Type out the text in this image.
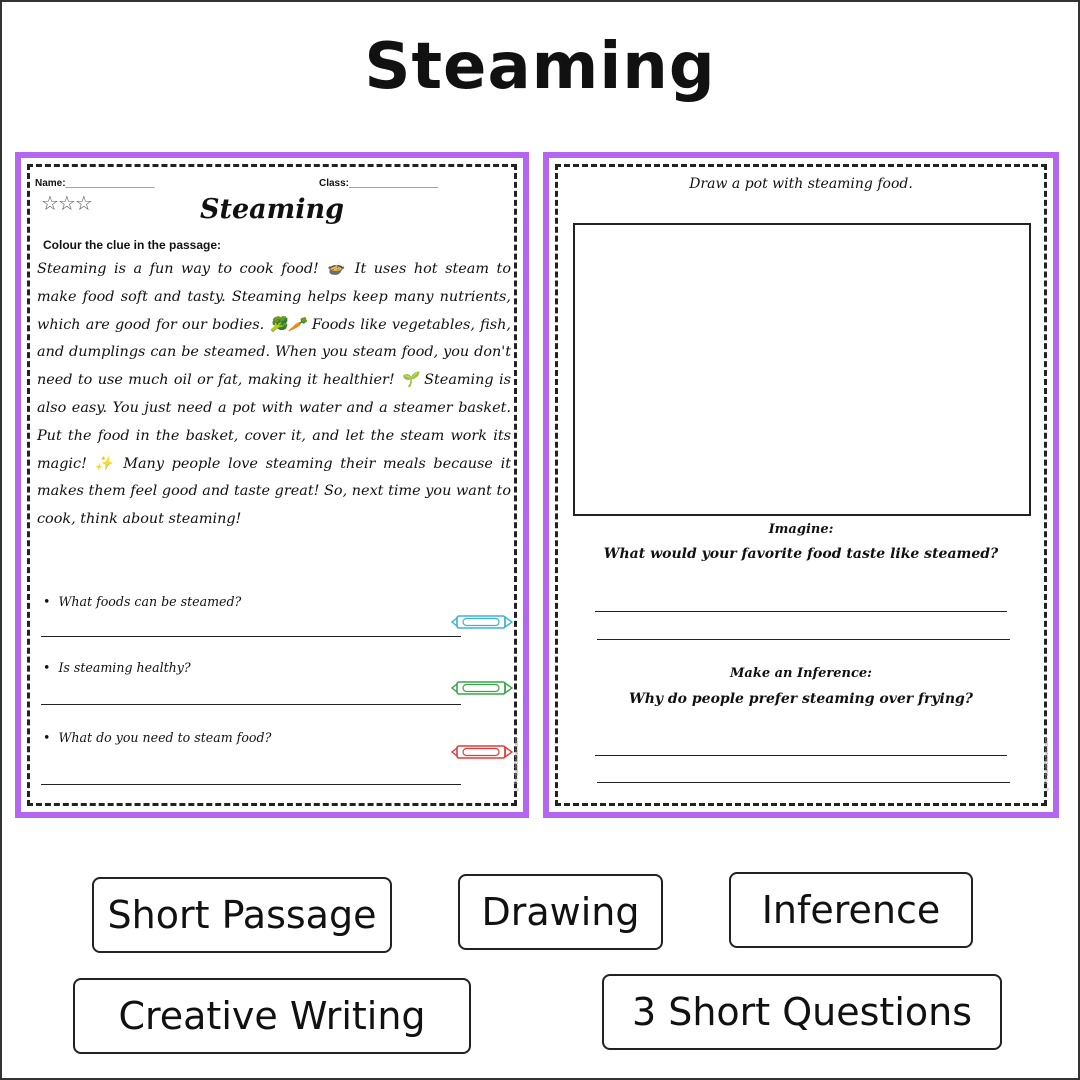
Steaming
Name:________________	Class:________________
☆☆☆	Steaming
Colour the clue in the passage:
Steaming is a fun way to cook food! 🍲 It uses hot steam to make food soft and tasty. Steaming helps keep many nutrients, which are good for our bodies. 🥦🥕 Foods like vegetables, fish, and dumplings can be steamed. When you steam food, you don't need to use much oil or fat, making it healthier! 🌱 Steaming is also easy. You just need a pot with water and a steamer basket. Put the food in the basket, cover it, and let the steam work its magic! ✨ Many people love steaming their meals because it makes them feel good and taste great! So, next time you want to cook, think about steaming!
• What foods can be steamed?
• Is steaming healthy?
• What do you need to steam food?
© PrintableBazaar.com
Draw a pot with steaming food.
Imagine:
What would your favorite food taste like steamed?
Make an Inference:
Why do people prefer steaming over frying?
© PrintableBazaar.com
Short Passage	Drawing	Inference
Creative Writing	3 Short Questions
